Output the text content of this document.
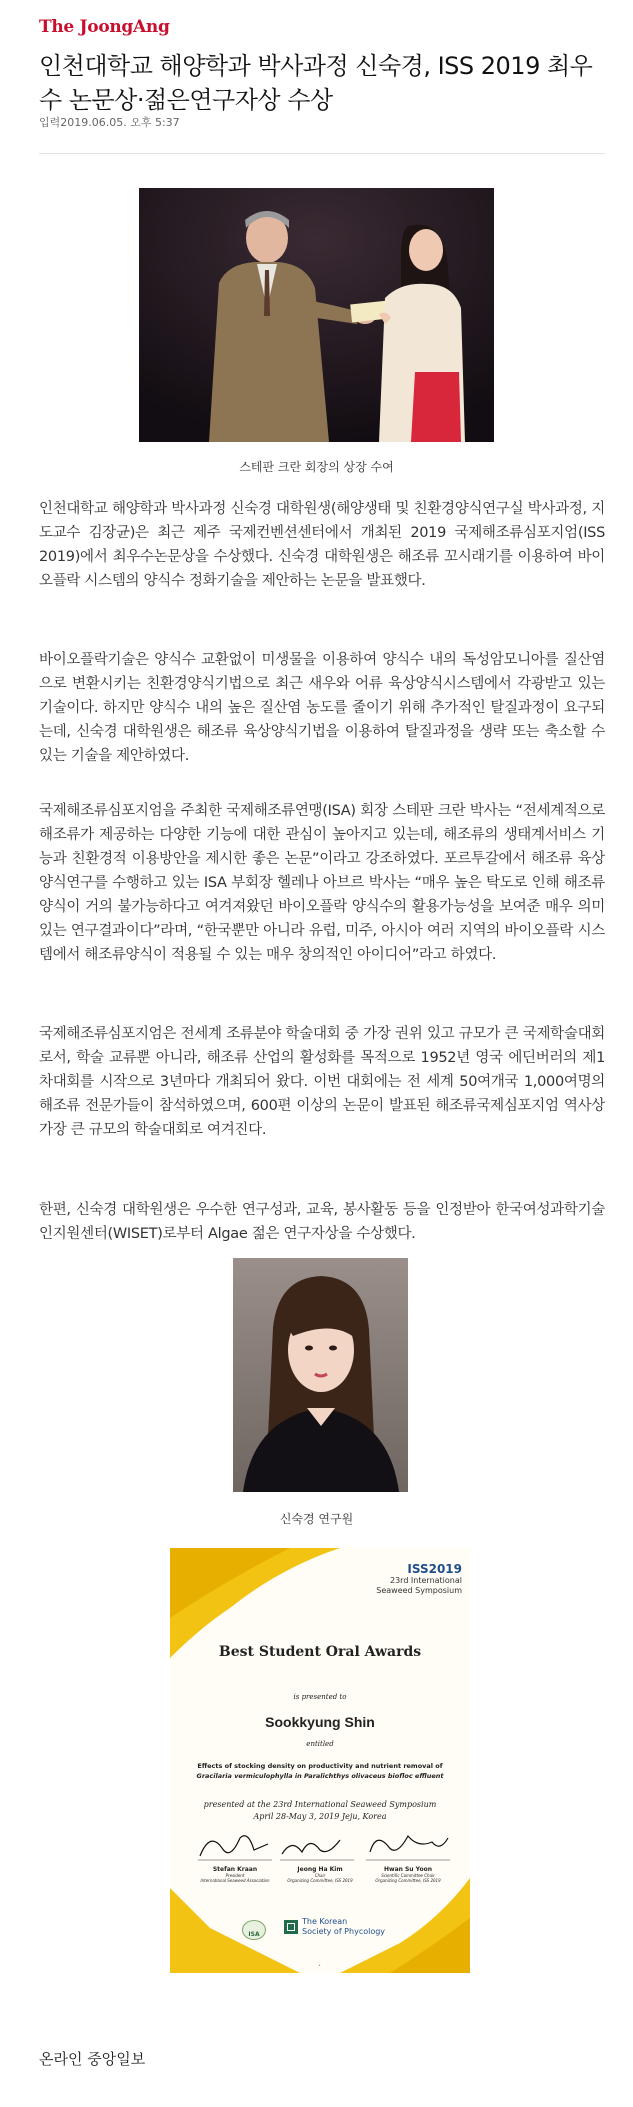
The JoongAng
인천대학교 해양학과 박사과정 신숙경, ISS 2019 최우수 논문상·젊은연구자상 수상
입력2019.06.05. 오후 5:37
스테판 크란 회장의 상장 수여

인천대학교 해양학과 박사과정 신숙경 대학원생(해양생태 및 친환경양식연구실 박사과정, 지도교수 김장균)은 최근 제주 국제컨벤션센터에서 개최된 2019 국제해조류심포지엄(ISS 2019)에서 최우수논문상을 수상했다. 신숙경 대학원생은 해조류 꼬시래기를 이용하여 바이오플락 시스템의 양식수 정화기술을 제안하는 논문을 발표했다.

바이오플락기술은 양식수 교환없이 미생물을 이용하여 양식수 내의 독성암모니아를 질산염으로 변환시키는 친환경양식기법으로 최근 새우와 어류 육상양식시스템에서 각광받고 있는 기술이다. 하지만 양식수 내의 높은 질산염 농도를 줄이기 위해 추가적인 탈질과정이 요구되는데, 신숙경 대학원생은 해조류 육상양식기법을 이용하여 탈질과정을 생략 또는 축소할 수 있는 기술을 제안하였다.

국제해조류심포지엄을 주최한 국제해조류연맹(ISA) 회장 스테판 크란 박사는 “전세계적으로 해조류가 제공하는 다양한 기능에 대한 관심이 높아지고 있는데, 해조류의 생태계서비스 기능과 친환경적 이용방안을 제시한 좋은 논문”이라고 강조하였다. 포르투갈에서 해조류 육상양식연구를 수행하고 있는 ISA 부회장 헬레나 아브르 박사는 “매우 높은 탁도로 인해 해조류 양식이 거의 불가능하다고 여겨져왔던 바이오플락 양식수의 활용가능성을 보여준 매우 의미 있는 연구결과이다”라며, “한국뿐만 아니라 유럽, 미주, 아시아 여러 지역의 바이오플락 시스템에서 해조류양식이 적용될 수 있는 매우 창의적인 아이디어”라고 하였다.

국제해조류심포지엄은 전세계 조류분야 학술대회 중 가장 권위 있고 규모가 큰 국제학술대회로서, 학술 교류뿐 아니라, 해조류 산업의 활성화를 목적으로 1952년 영국 에딘버러의 제1차대회를 시작으로 3년마다 개최되어 왔다. 이번 대회에는 전 세계 50여개국 1,000여명의 해조류 전문가들이 참석하였으며, 600편 이상의 논문이 발표된 해조류국제심포지엄 역사상 가장 큰 규모의 학술대회로 여겨진다.

한편, 신숙경 대학원생은 우수한 연구성과, 교육, 봉사활동 등을 인정받아 한국여성과학기술인지원센터(WISET)로부터 Algae 젊은 연구자상을 수상했다.

신숙경 연구원
ISS2019
23rd International
Seaweed Symposium
Best Student Oral Awards
is presented to
Sookkyung Shin
entitled
Effects of stocking density on productivity and nutrient removal of
Gracilaria vermiculophylla in Paralichthys olivaceus biofloc effluent
presented at the 23rd International Seaweed Symposium
April 28-May 3, 2019 Jeju, Korea
Stefan Kraan
President
International Seaweed Association
Jeong Ha Kim
Chair
Organizing Committee, ISS 2019
Hwan Su Yoon
Scientific Committee Chair
Organizing Committee, ISS 2019
ISA
The Korean
Society of Phycology
.
온라인 중앙일보
